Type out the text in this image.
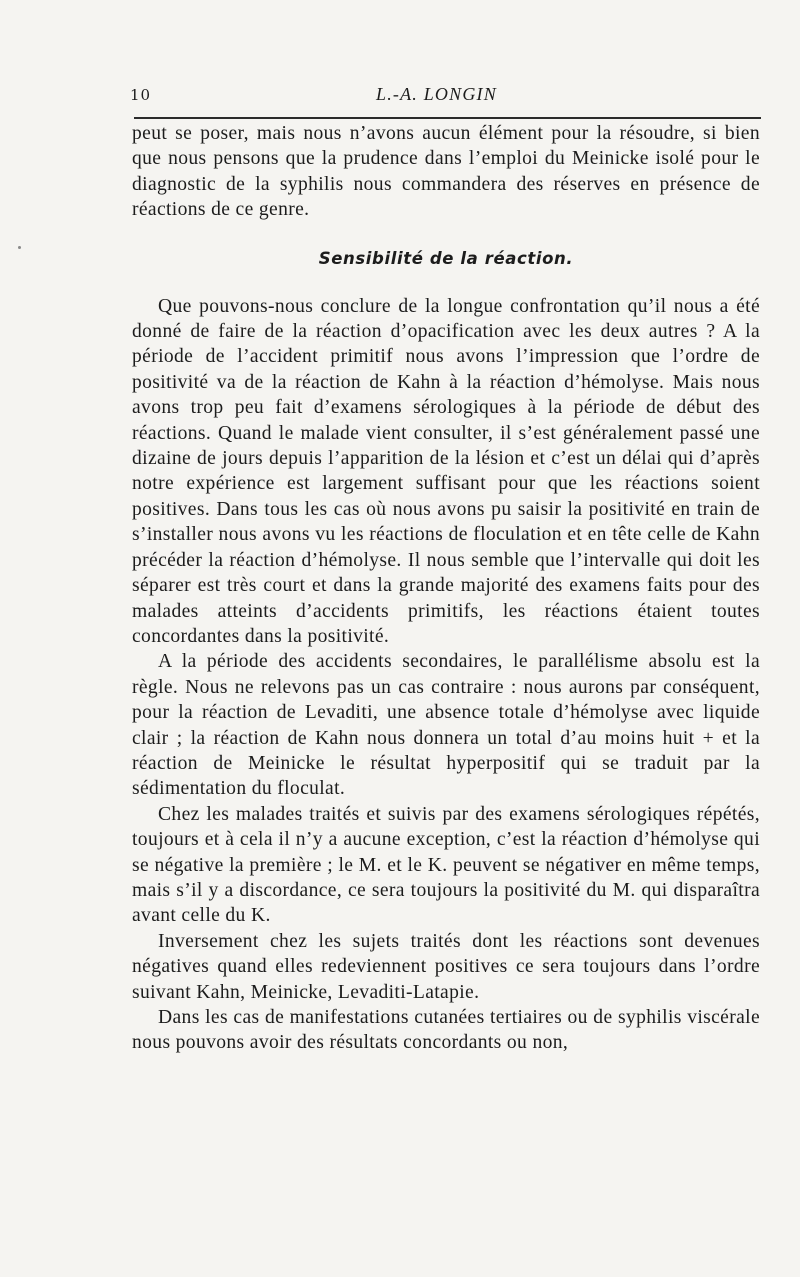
10	L.-A. LONGIN

peut se poser, mais nous n’avons aucun élément pour la résoudre, si bien que nous pensons que la prudence dans l’emploi du Meinicke isolé pour le diagnostic de la syphilis nous commandera des réserves en présence de réactions de ce genre.

Sensibilité de la réaction.

Que pouvons-nous conclure de la longue confrontation qu’il nous a été donné de faire de la réaction d’opacification avec les deux autres ? A la période de l’accident primitif nous avons l’impression que l’ordre de positivité va de la réaction de Kahn à la réaction d’hémolyse. Mais nous avons trop peu fait d’examens sérologiques à la période de début des réactions. Quand le malade vient consulter, il s’est généralement passé une dizaine de jours depuis l’apparition de la lésion et c’est un délai qui d’après notre expérience est largement suffisant pour que les réactions soient positives. Dans tous les cas où nous avons pu saisir la positivité en train de s’installer nous avons vu les réactions de floculation et en tête celle de Kahn précéder la réaction d’hémolyse. Il nous semble que l’intervalle qui doit les séparer est très court et dans la grande majorité des examens faits pour des malades atteints d’accidents primitifs, les réactions étaient toutes concordantes dans la positivité.

A la période des accidents secondaires, le parallélisme absolu est la règle. Nous ne relevons pas un cas contraire : nous aurons par conséquent, pour la réaction de Levaditi, une absence totale d’hémolyse avec liquide clair ; la réaction de Kahn nous donnera un total d’au moins huit + et la réaction de Meinicke le résultat hyperpositif qui se traduit par la sédimentation du floculat.

Chez les malades traités et suivis par des examens sérologiques répétés, toujours et à cela il n’y a aucune exception, c’est la réaction d’hémolyse qui se négative la première ; le M. et le K. peuvent se négativer en même temps, mais s’il y a discordance, ce sera toujours la positivité du M. qui disparaîtra avant celle du K.

Inversement chez les sujets traités dont les réactions sont devenues négatives quand elles redeviennent positives ce sera toujours dans l’ordre suivant Kahn, Meinicke, Levaditi-Latapie.

Dans les cas de manifestations cutanées tertiaires ou de syphilis viscérale nous pouvons avoir des résultats concordants ou non,
